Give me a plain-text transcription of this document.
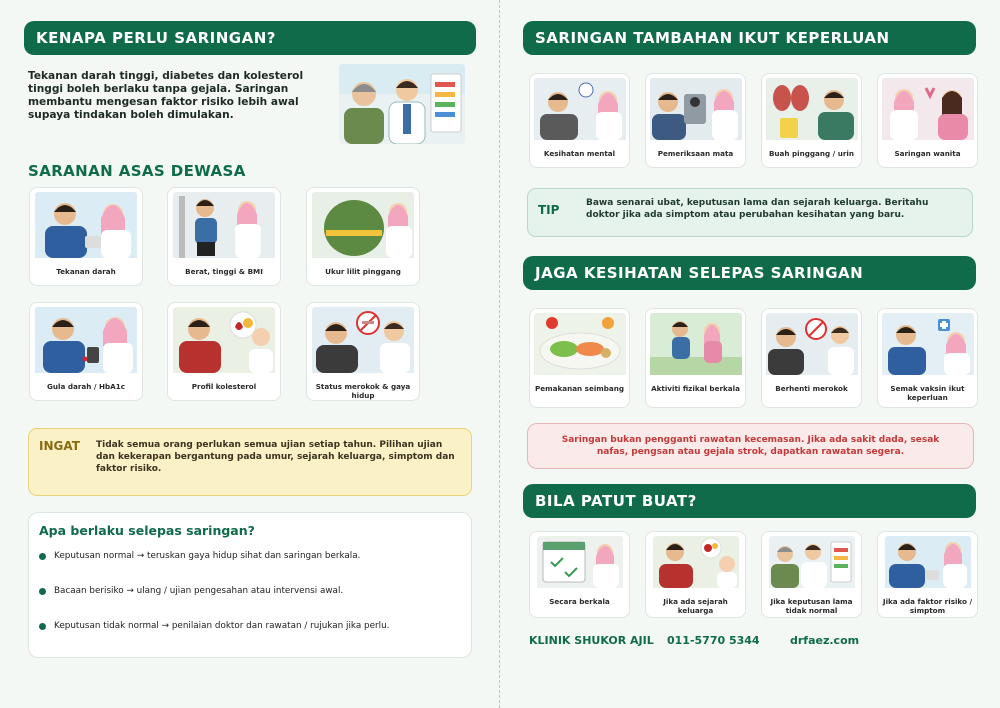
KENAPA PERLU SARINGAN?
Tekanan darah tinggi, diabetes dan kolesterol tinggi boleh berlaku tanpa gejala. Saringan membantu mengesan faktor risiko lebih awal supaya tindakan boleh dimulakan.
SARANAN ASAS DEWASA
Tekanan darah	Berat, tinggi & BMI	Ukur lilit pinggang
Gula darah / HbA1c	Profil kolesterol	Status merokok & gaya hidup
INGAT Tidak semua orang perlukan semua ujian setiap tahun. Pilihan ujian dan kekerapan bergantung pada umur, sejarah keluarga, simptom dan faktor risiko.
Apa berlaku selepas saringan?
Keputusan normal → teruskan gaya hidup sihat dan saringan berkala.
Bacaan berisiko → ulang / ujian pengesahan atau intervensi awal.
Keputusan tidak normal → penilaian doktor dan rawatan / rujukan jika perlu.
SARINGAN TAMBAHAN IKUT KEPERLUAN
Kesihatan mental	Pemeriksaan mata	Buah pinggang / urin	Saringan wanita
TIP	Bawa senarai ubat, keputusan lama dan sejarah keluarga. Beritahu doktor jika ada simptom atau perubahan kesihatan yang baru.
JAGA KESIHATAN SELEPAS SARINGAN
Pemakanan seimbang	Aktiviti fizikal berkala	Berhenti merokok	Semak vaksin ikut keperluan
Saringan bukan pengganti rawatan kecemasan. Jika ada sakit dada, sesak nafas, pengsan atau gejala strok, dapatkan rawatan segera.
BILA PATUT BUAT?
Secara berkala	Jika ada sejarah keluarga
Jika keputusan lama tidak normal
Jika ada faktor risiko / simptom
KLINIK SHUKOR AJIL 011-5770 5344	drfaez.com
